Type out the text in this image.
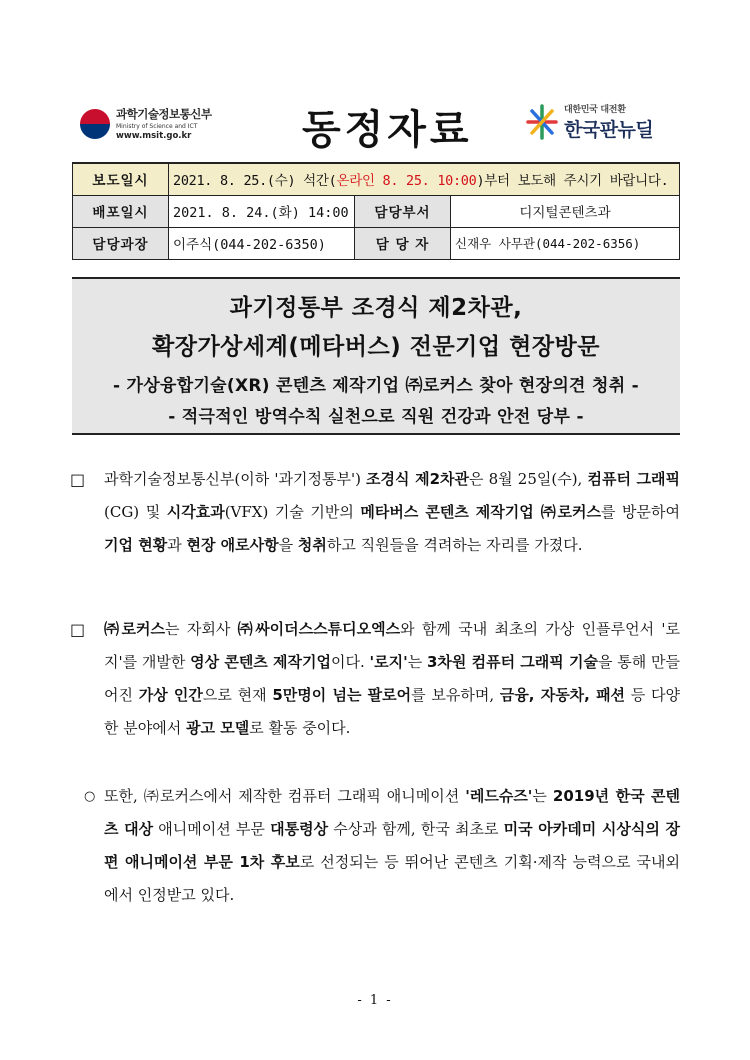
과학기술정보통신부
Ministry of Science and ICT
www.msit.go.kr	동정자료	대한민국 대전환
한국판뉴딜
보도일시	2021. 8. 25.(수) 석간(온라인 8. 25. 10:00)부터 보도해 주시기 바랍니다.		
배포일시	2021. 8. 24.(화) 14:00	담당부서	디지털콘텐츠과
담당과장	이주식(044-202-6350)	담 당 자	신재우 사무관(044-202-6356)
과기정통부 조경식 제2차관,
확장가상세계(메타버스) 전문기업 현장방문
- 가상융합기술(XR) 콘텐츠 제작기업 ㈜로커스 찾아 현장의견 청취 -
- 적극적인 방역수칙 실천으로 직원 건강과 안전 당부 -
□ 과학기술정보통신부(이하 '과기정통부') 조경식 제2차관은 8월 25일(수), 컴퓨터 그래픽(CG) 및 시각효과(VFX) 기술 기반의 메타버스 콘텐츠 제작기업 ㈜로커스를 방문하여 기업 현황과 현장 애로사항을 청취하고 직원들을 격려하는 자리를 가졌다.
□ ㈜로커스는 자회사 ㈜싸이더스스튜디오엑스와 함께 국내 최초의 가상 인플루언서 '로지'를 개발한 영상 콘텐츠 제작기업이다. '로지'는 3차원 컴퓨터 그래픽 기술을 통해 만들어진 가상 인간으로 현재 5만명이 넘는 팔로어를 보유하며, 금융, 자동차, 패션 등 다양한 분야에서 광고 모델로 활동 중이다.
○ 또한, ㈜로커스에서 제작한 컴퓨터 그래픽 애니메이션 '레드슈즈'는 2019년 한국 콘텐츠 대상 애니메이션 부문 대통령상 수상과 함께, 한국 최초로 미국 아카데미 시상식의 장편 애니메이션 부문 1차 후보로 선정되는 등 뛰어난 콘텐츠 기획·제작 능력으로 국내외에서 인정받고 있다.
- 1 -
